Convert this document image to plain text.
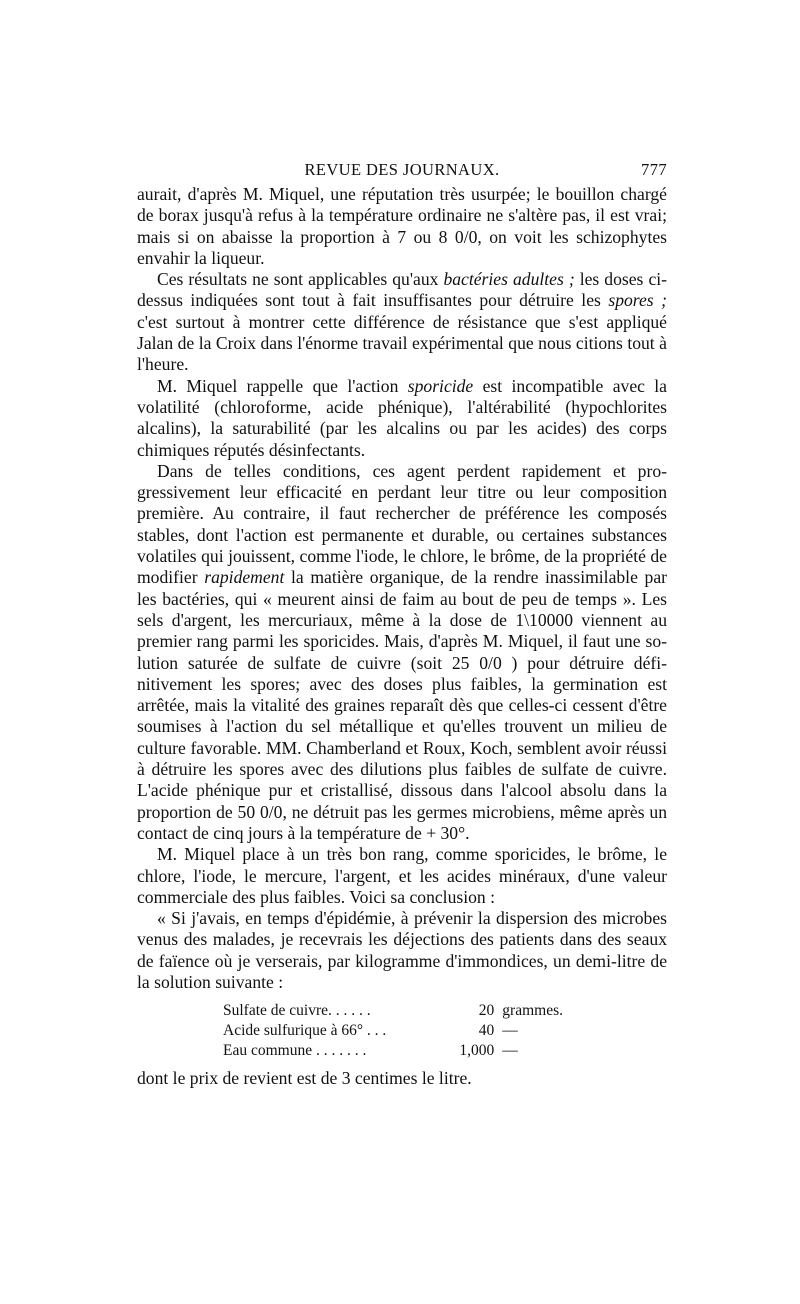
REVUE DES JOURNAUX.	777

aurait, d'après M. Miquel, une réputation très usurpée; le bouillon chargé de borax jusqu'à refus à la température ordinaire ne s'altère pas, il est vrai; mais si on abaisse la proportion à 7 ou 8 0/0, on voit les schizophytes envahir la liqueur.

Ces résultats ne sont applicables qu'aux bactéries adultes ; les doses ci-dessus indiquées sont tout à fait insuffisantes pour détruire les spores ; c'est surtout à montrer cette différence de résistance que s'est appliqué Jalan de la Croix dans l'énorme travail expérimental que nous citions tout à l'heure.

M. Miquel rappelle que l'action sporicide est incompatible avec la volatilité (chloroforme, acide phénique), l'altérabilité (hypochlorites alcalins), la saturabilité (par les alcalins ou par les acides) des corps chimiques réputés désinfectants.

Dans de telles conditions, ces agent perdent rapidement et progressivement leur efficacité en perdant leur titre ou leur composition première. Au contraire, il faut rechercher de préférence les composés stables, dont l'action est permanente et durable, ou certaines substances volatiles qui jouissent, comme l'iode, le chlore, le brôme, de la propriété de modifier rapidement la matière organique, de la rendre inassimilable par les bactéries, qui « meurent ainsi de faim au bout de peu de temps ». Les sels d'argent, les mercuriaux, même à la dose de 1\10000 viennent au premier rang parmi les sporicides. Mais, d'après M. Miquel, il faut une solution saturée de sulfate de cuivre (soit 25 0/0 ) pour détruire définitivement les spores; avec des doses plus faibles, la germination est arrêtée, mais la vitalité des graines reparaît dès que celles-ci cessent d'être soumises à l'action du sel métallique et qu'elles trouvent un milieu de culture favorable. MM. Chamberland et Roux, Koch, semblent avoir réussi à détruire les spores avec des dilutions plus faibles de sulfate de cuivre. L'acide phénique pur et cristallisé, dissous dans l'alcool absolu dans la proportion de 50 0/0, ne détruit pas les germes microbiens, même après un contact de cinq jours à la température de + 30°.

M. Miquel place à un très bon rang, comme sporicides, le brôme, le chlore, l'iode, le mercure, l'argent, et les acides minéraux, d'une valeur commerciale des plus faibles. Voici sa conclusion :

« Si j'avais, en temps d'épidémie, à prévenir la dispersion des microbes venus des malades, je recevrais les déjections des patients dans des seaux de faïence où je verserais, par kilogramme d'immondices, un demi-litre de la solution suivante :

Sulfate de cuivre. . . . . .	20	grammes.
Acide sulfurique à 66° . . .	40	—
Eau commune . . . . . . .	1,000	—

dont le prix de revient est de 3 centimes le litre.
